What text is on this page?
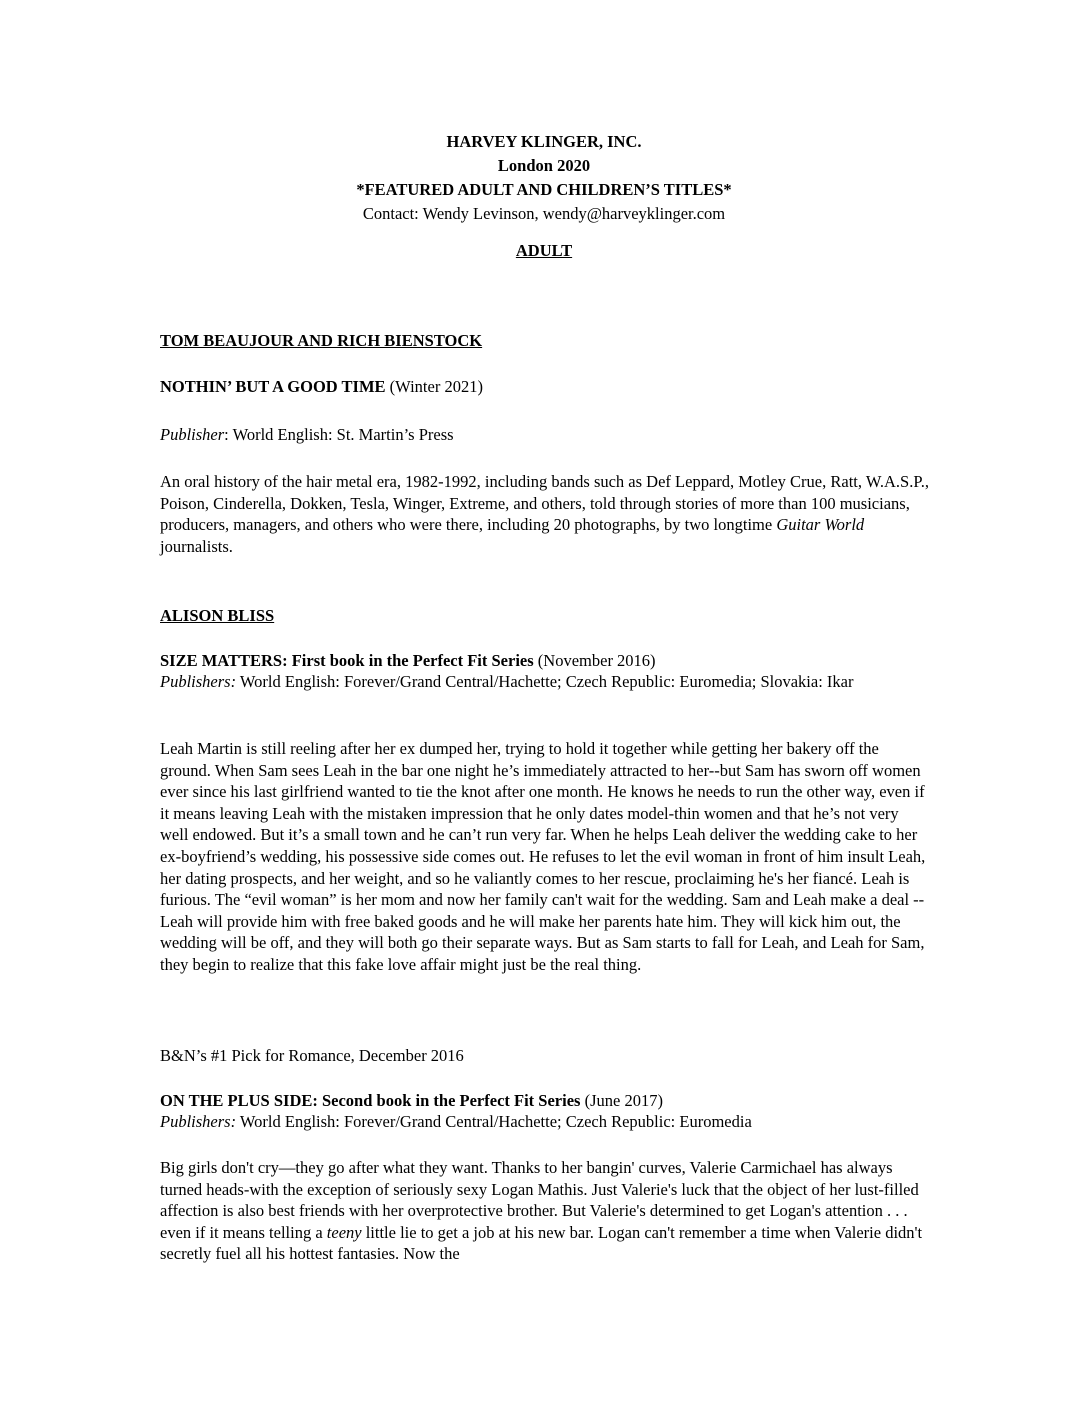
HARVEY KLINGER, INC.
London 2020
*FEATURED ADULT AND CHILDREN’S TITLES*
Contact: Wendy Levinson, wendy@harveyklinger.com
ADULT
TOM BEAUJOUR AND RICH BIENSTOCK
NOTHIN’ BUT A GOOD TIME (Winter 2021)
Publisher: World English: St. Martin’s Press

An oral history of the hair metal era, 1982-1992, including bands such as Def Leppard, Motley Crue, Ratt, W.A.S.P., Poison, Cinderella, Dokken, Tesla, Winger, Extreme, and others, told through stories of more than 100 musicians, producers, managers, and others who were there, including 20 photographs, by two longtime Guitar World journalists.

ALISON BLISS
SIZE MATTERS: First book in the Perfect Fit Series (November 2016)
Publishers: World English: Forever/Grand Central/Hachette; Czech Republic: Euromedia; Slovakia: Ikar

Leah Martin is still reeling after her ex dumped her, trying to hold it together while getting her bakery off the ground. When Sam sees Leah in the bar one night he’s immediately attracted to her--but Sam has sworn off women ever since his last girlfriend wanted to tie the knot after one month. He knows he needs to run the other way, even if it means leaving Leah with the mistaken impression that he only dates model-thin women and that he’s not very well endowed. But it’s a small town and he can’t run very far. When he helps Leah deliver the wedding cake to her ex-boyfriend’s wedding, his possessive side comes out. He refuses to let the evil woman in front of him insult Leah, her dating prospects, and her weight, and so he valiantly comes to her rescue, proclaiming he's her fiancé. Leah is furious. The “evil woman” is her mom and now her family can't wait for the wedding. Sam and Leah make a deal -- Leah will provide him with free baked goods and he will make her parents hate him. They will kick him out, the wedding will be off, and they will both go their separate ways. But as Sam starts to fall for Leah, and Leah for Sam, they begin to realize that this fake love affair might just be the real thing.

B&N’s #1 Pick for Romance, December 2016
ON THE PLUS SIDE: Second book in the Perfect Fit Series (June 2017)
Publishers: World English: Forever/Grand Central/Hachette; Czech Republic: Euromedia

Big girls don't cry—they go after what they want. Thanks to her bangin' curves, Valerie Carmichael has always turned heads-with the exception of seriously sexy Logan Mathis. Just Valerie's luck that the object of her lust-filled affection is also best friends with her overprotective brother. But Valerie's determined to get Logan's attention . . . even if it means telling a teeny little lie to get a job at his new bar. Logan can't remember a time when Valerie didn't secretly fuel all his hottest fantasies. Now the
